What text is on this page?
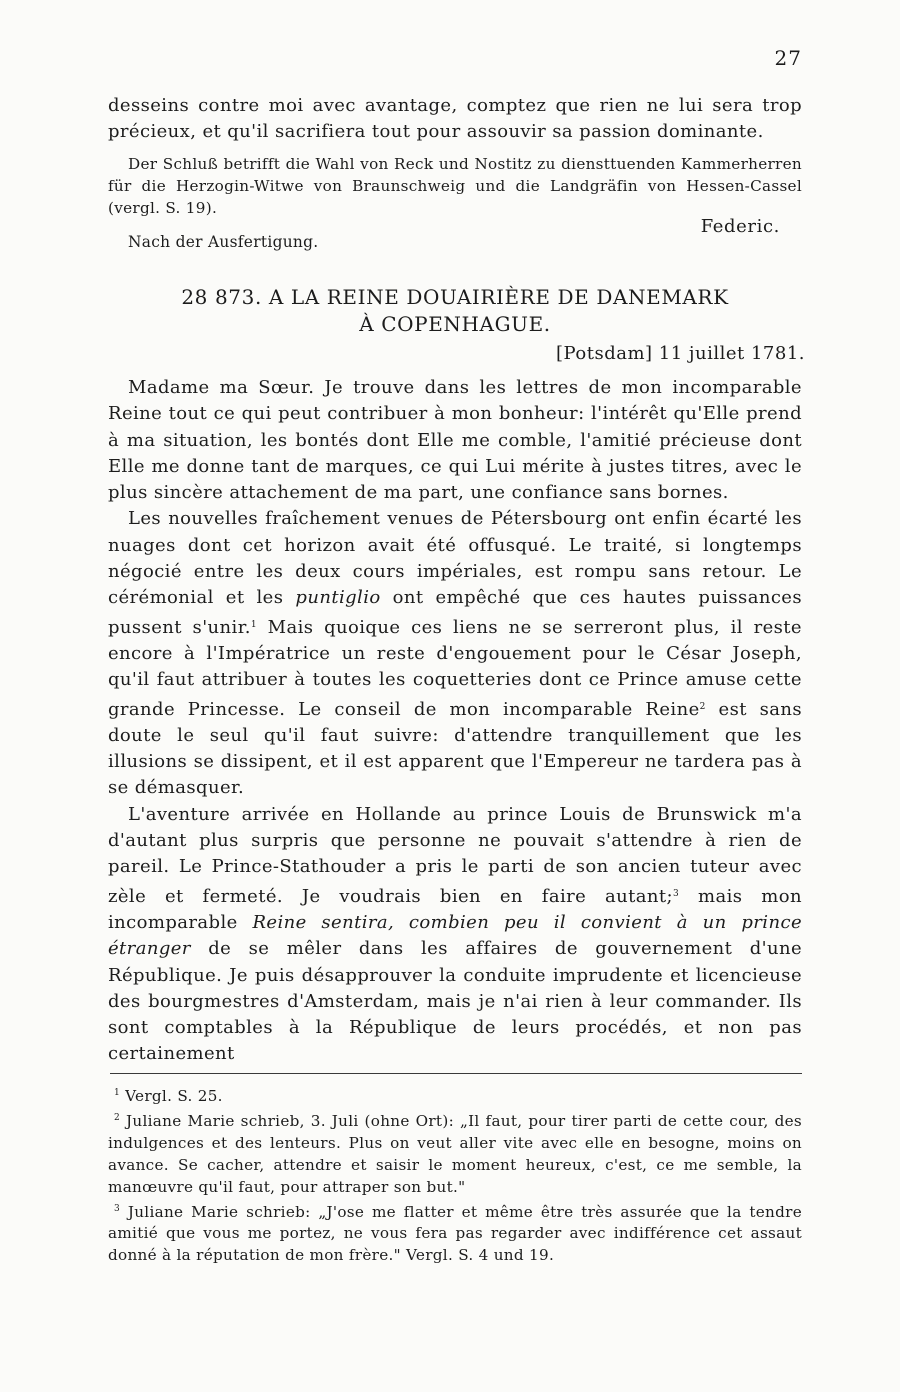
27

desseins contre moi avec avantage, comptez que rien ne lui sera trop précieux, et qu'il sacrifiera tout pour assouvir sa passion dominante.

Der Schluß betrifft die Wahl von Reck und Nostitz zu diensttuenden Kammerherren für die Herzogin-Witwe von Braunschweig und die Landgräfin von Hessen-Cassel (vergl. S. 19).

Federic.
Nach der Ausfertigung.
28 873. A LA REINE DOUAIRIÈRE DE DANEMARK
À COPENHAGUE.
[Potsdam] 11 juillet 1781.

Madame ma Sœur. Je trouve dans les lettres de mon incomparable Reine tout ce qui peut contribuer à mon bonheur: l'intérêt qu'Elle prend à ma situation, les bontés dont Elle me comble, l'amitié précieuse dont Elle me donne tant de marques, ce qui Lui mérite à justes titres, avec le plus sincère attachement de ma part, une confiance sans bornes.

Les nouvelles fraîchement venues de Pétersbourg ont enfin écarté les nuages dont cet horizon avait été offusqué. Le traité, si longtemps négocié entre les deux cours impériales, est rompu sans retour. Le cérémonial et les puntiglio ont empêché que ces hautes puissances pussent s'unir.$^1$ Mais quoique ces liens ne se serreront plus, il reste encore à l'Impératrice un reste d'engouement pour le César Joseph, qu'il faut attribuer à toutes les coquetteries dont ce Prince amuse cette grande Princesse. Le conseil de mon incomparable Reine$^2$ est sans doute le seul qu'il faut suivre: d'attendre tranquillement que les illusions se dissipent, et il est apparent que l'Empereur ne tardera pas à se démasquer.

L'aventure arrivée en Hollande au prince Louis de Brunswick m'a d'autant plus surpris que personne ne pouvait s'attendre à rien de pareil. Le Prince-Stathouder a pris le parti de son ancien tuteur avec zèle et fermeté. Je voudrais bien en faire autant;$^3$ mais mon incomparable Reine sentira, combien peu il convient à un prince étranger de se mêler dans les affaires de gouvernement d'une République. Je puis désapprouver la conduite imprudente et licencieuse des bourgmestres d'Amsterdam, mais je n'ai rien à leur commander. Ils sont comptables à la République de leurs procédés, et non pas certainement

$^1$ Vergl. S. 25.

$^2$ Juliane Marie schrieb, 3. Juli (ohne Ort): „Il faut, pour tirer parti de cette cour, des indulgences et des lenteurs. Plus on veut aller vite avec elle en besogne, moins on avance. Se cacher, attendre et saisir le moment heureux, c'est, ce me semble, la manœuvre qu'il faut, pour attraper son but."

$^3$ Juliane Marie schrieb: „J'ose me flatter et même être très assurée que la tendre amitié que vous me portez, ne vous fera pas regarder avec indifférence cet assaut donné à la réputation de mon frère." Vergl. S. 4 und 19.
